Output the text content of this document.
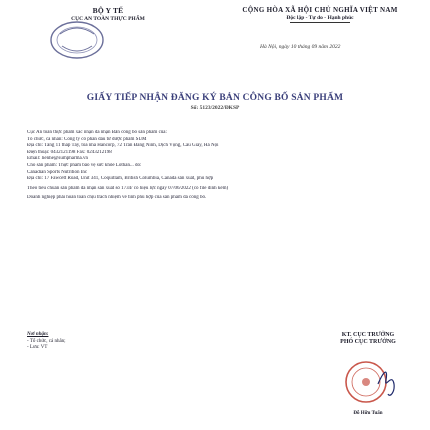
BỘ Y TẾ
CỤC AN TOÀN THỰC PHẨM
CỘNG HÒA XÃ HỘI CHỦ NGHĨA VIỆT NAM
Độc lập - Tự do - Hạnh phúc
Hà Nội, ngày 10 tháng 09 năm 2022
GIẤY TIẾP NHẬN ĐĂNG KÝ BẢN CÔNG BỐ SẢN PHẨM
Số: 5123/2022/ĐKSP
Cục An toàn thực phẩm xác nhận đã nhận Bản công bố sản phẩm của:
Tổ chức, cá nhân: Công ty cổ phần đầu tư được phẩm SUM
Địa chỉ: Tầng 11 tháp Tây, tòa nhà Hancorp, 72 Trần Đăng Ninh, Dịch Vọng, Cầu Giấy, Hà Nội
Điện thoại: 0432121198 Fax: 0243212198
Email: lienhe@sumpharma.vn
Cho sản phẩm: Thực phẩm bảo vệ sức khỏe Lothan... do:
Canadian Sports Nutrition Inc
Địa chỉ: 17 Fawcett Road, Unit 341, Coquitlam, British Columbia, Canada sản xuất, phù hợp
Theo tiêu chuẩn sản phẩm đã nhận sản xuất số 1734/ có hiệu lực ngày 07/06/2022 (có file đính kèm)
Doanh nghiệp phải hoàn toàn chịu trách nhiệm về tính phù hợp của sản phẩm đã công bố.
Nơi nhận:
- Tổ chức, cá nhân;
- Lưu: VT
KT. CỤC TRƯỞNG
PHÓ CỤC TRƯỞNG
Đỗ Hữu Tuấn
